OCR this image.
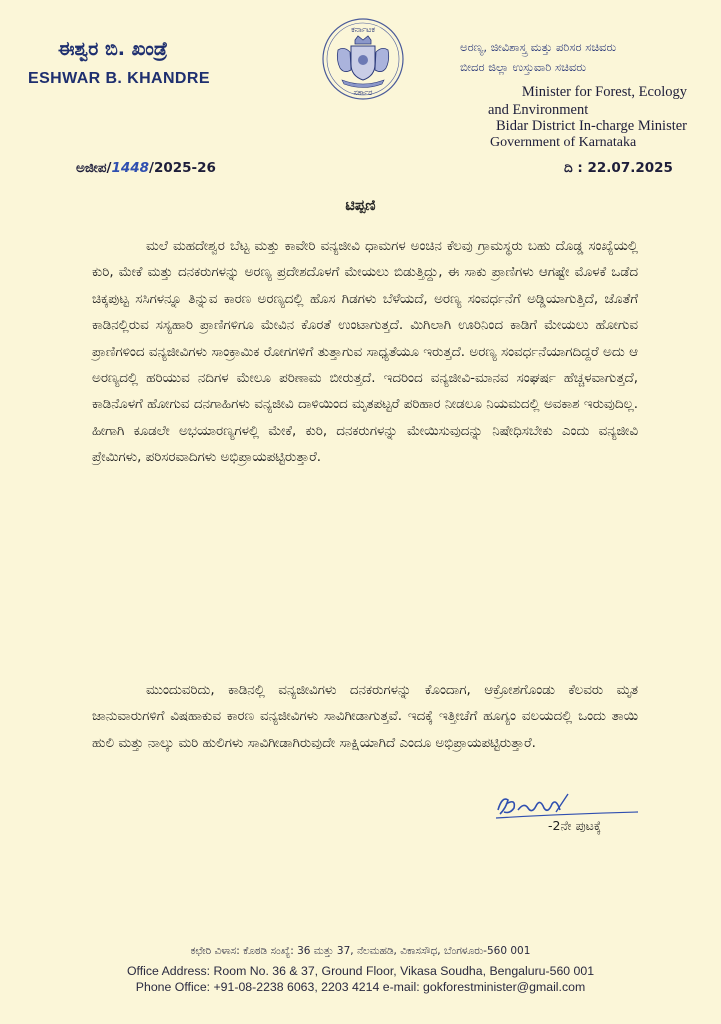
ಈಶ್ವರ ಬಿ. ಖಂಡ್ರೆ
ESHWAR B. KHANDRE
ಕರ್ನಾಟಕ
ಸರ್ಕಾರ
ಅರಣ್ಯ, ಜೀವಿಶಾಸ್ತ್ರ ಮತ್ತು ಪರಿಸರ ಸಚಿವರು
ಬೀದರ ಜಿಲ್ಲಾ ಉಸ್ತುವಾರಿ ಸಚಿವರು
Minister for Forest, Ecology
and Environment
Bidar District In-charge Minister
Government of Karnataka
ಅಜೀಪ/1448/2025-26	ದಿ : 22.07.2025
ಟಿಪ್ಪಣಿ
ಮಲೆ ಮಹದೇಶ್ವರ ಬೆಟ್ಟ ಮತ್ತು ಕಾವೇರಿ ವನ್ಯಜೀವಿ ಧಾಮಗಳ ಅಂಚಿನ ಕೆಲವು ಗ್ರಾಮಸ್ಥರು ಬಹು ದೊಡ್ಡ ಸಂಖ್ಯೆಯಲ್ಲಿ ಕುರಿ, ಮೇಕೆ ಮತ್ತು ದನಕರುಗಳನ್ನು ಅರಣ್ಯ ಪ್ರದೇಶದೊಳಗೆ ಮೇಯಲು ಬಿಡುತ್ತಿದ್ದು, ಈ ಸಾಕು ಪ್ರಾಣಿಗಳು ಆಗಷ್ಟೇ ಮೊಳಕೆ ಒಡೆದ ಚಿಕ್ಕಪುಟ್ಟ ಸಸಿಗಳನ್ನೂ ತಿನ್ನುವ ಕಾರಣ ಅರಣ್ಯದಲ್ಲಿ ಹೊಸ ಗಿಡಗಳು ಬೆಳೆಯದೆ, ಅರಣ್ಯ ಸಂವರ್ಧನೆಗೆ ಅಡ್ಡಿಯಾಗುತ್ತಿದೆ, ಜೊತೆಗೆ ಕಾಡಿನಲ್ಲಿರುವ ಸಸ್ಯಹಾರಿ ಪ್ರಾಣಿಗಳಿಗೂ ಮೇವಿನ ಕೊರತೆ ಉಂಟಾಗುತ್ತದೆ. ಮಿಗಿಲಾಗಿ ಊರಿನಿಂದ ಕಾಡಿಗೆ ಮೇಯಲು ಹೋಗುವ ಪ್ರಾಣಿಗಳಿಂದ ವನ್ಯಜೀವಿಗಳು ಸಾಂಕ್ರಾಮಿಕ ರೋಗಗಳಿಗೆ ತುತ್ತಾಗುವ ಸಾಧ್ಯತೆಯೂ ಇರುತ್ತದೆ. ಅರಣ್ಯ ಸಂವರ್ಧನೆಯಾಗದಿದ್ದರೆ ಅದು ಆ ಅರಣ್ಯದಲ್ಲಿ ಹರಿಯುವ ನದಿಗಳ ಮೇಲೂ ಪರಿಣಾಮ ಬೀರುತ್ತದೆ. ಇದರಿಂದ ವನ್ಯಜೀವಿ-ಮಾನವ ಸಂಘರ್ಷ ಹೆಚ್ಚಳವಾಗುತ್ತದೆ, ಕಾಡಿನೊಳಗೆ ಹೋಗುವ ದನಗಾಹಿಗಳು ವನ್ಯಜೀವಿ ದಾಳಿಯಿಂದ ಮೃತಪಟ್ಟರೆ ಪರಿಹಾರ ನೀಡಲೂ ನಿಯಮದಲ್ಲಿ ಅವಕಾಶ ಇರುವುದಿಲ್ಲ. ಹೀಗಾಗಿ ಕೂಡಲೇ ಅಭಯಾರಣ್ಯಗಳಲ್ಲಿ ಮೇಕೆ, ಕುರಿ, ದನಕರುಗಳನ್ನು ಮೇಯಿಸುವುದನ್ನು ನಿಷೇಧಿಸಬೇಕು ಎಂದು ವನ್ಯಜೀವಿ ಪ್ರೇಮಿಗಳು, ಪರಿಸರವಾದಿಗಳು ಅಭಿಪ್ರಾಯಪಟ್ಟಿರುತ್ತಾರೆ.
ಮುಂದುವರಿದು, ಕಾಡಿನಲ್ಲಿ ವನ್ಯಜೀವಿಗಳು ದನಕರುಗಳನ್ನು ಕೊಂದಾಗ, ಆಕ್ರೋಶಗೊಂಡು ಕೆಲವರು ಮೃತ ಜಾನುವಾರುಗಳಿಗೆ ವಿಷಹಾಕುವ ಕಾರಣ ವನ್ಯಜೀವಿಗಳು ಸಾವಿಗೀಡಾಗುತ್ತವೆ. ಇದಕ್ಕೆ ಇತ್ತೀಚೆಗೆ ಹೂಗ್ಯಂ ವಲಯದಲ್ಲಿ ಒಂದು ತಾಯಿ ಹುಲಿ ಮತ್ತು ನಾಲ್ಕು ಮರಿ ಹುಲಿಗಳು ಸಾವಿಗೀಡಾಗಿರುವುದೇ ಸಾಕ್ಷಿಯಾಗಿದೆ ಎಂದೂ ಅಭಿಪ್ರಾಯಪಟ್ಟಿರುತ್ತಾರೆ.
-2ನೇ ಪುಟಕ್ಕೆ
ಕಛೇರಿ ವಿಳಾಸ: ಕೊಠಡಿ ಸಂಖ್ಯೆ: 36 ಮತ್ತು 37, ನೆಲಮಹಡಿ, ವಿಕಾಸಸೌಧ, ಬೆಂಗಳೂರು-560 001
Office Address: Room No. 36 & 37, Ground Floor, Vikasa Soudha, Bengaluru-560 001
Phone Office: +91-08-2238 6063, 2203 4214 e-mail: gokforestminister@gmail.com
